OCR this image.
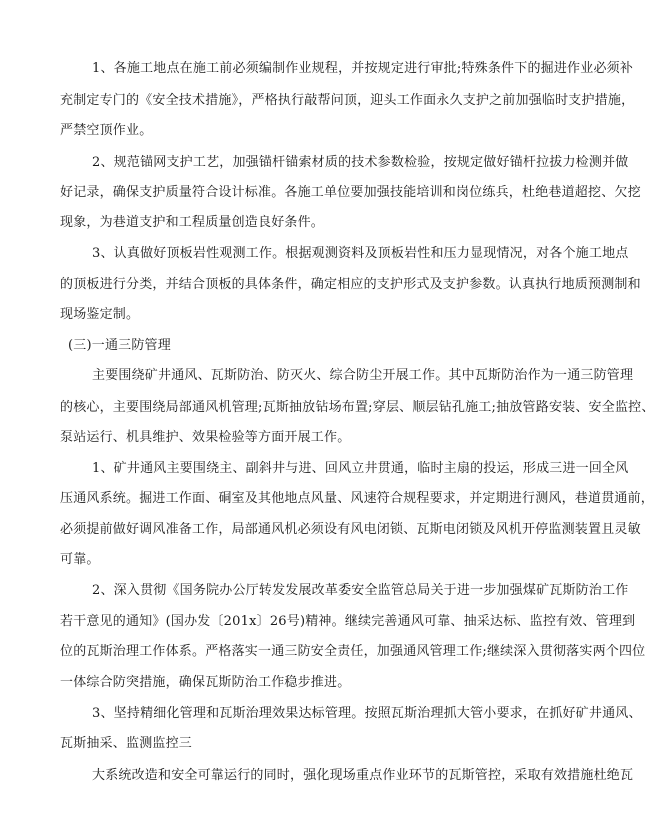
1、各施工地点在施工前必须编制作业规程，并按规定进行审批;特殊条件下的掘进作业必须补
充制定专门的《安全技术措施》，严格执行敲帮问顶，迎头工作面永久支护之前加强临时支护措施，
严禁空顶作业。
2、规范锚网支护工艺，加强锚杆锚索材质的技术参数检验，按规定做好锚杆拉拔力检测并做
好记录，确保支护质量符合设计标准。各施工单位要加强技能培训和岗位练兵，杜绝巷道超挖、欠挖
现象，为巷道支护和工程质量创造良好条件。
3、认真做好顶板岩性观测工作。根据观测资料及顶板岩性和压力显现情况，对各个施工地点
的顶板进行分类，并结合顶板的具体条件，确定相应的支护形式及支护参数。认真执行地质预测制和
现场鉴定制。
(三)一通三防管理
主要围绕矿井通风、瓦斯防治、防灭火、综合防尘开展工作。其中瓦斯防治作为一通三防管理
的核心，主要围绕局部通风机管理;瓦斯抽放钻场布置;穿层、顺层钻孔施工;抽放管路安装、安全监控、
泵站运行、机具维护、效果检验等方面开展工作。
1、矿井通风主要围绕主、副斜井与进、回风立井贯通，临时主扇的投运，形成三进一回全风
压通风系统。掘进工作面、硐室及其他地点风量、风速符合规程要求，并定期进行测风，巷道贯通前，
必须提前做好调风准备工作，局部通风机必须设有风电闭锁、瓦斯电闭锁及风机开停监测装置且灵敏
可靠。
2、深入贯彻《国务院办公厅转发发展改革委安全监管总局关于进一步加强煤矿瓦斯防治工作
若干意见的通知》(国办发〔201x〕26号)精神。继续完善通风可靠、抽采达标、监控有效、管理到
位的瓦斯治理工作体系。严格落实一通三防安全责任，加强通风管理工作;继续深入贯彻落实两个四位
一体综合防突措施，确保瓦斯防治工作稳步推进。
3、坚持精细化管理和瓦斯治理效果达标管理。按照瓦斯治理抓大管小要求，在抓好矿井通风、
瓦斯抽采、监测监控三
大系统改造和安全可靠运行的同时，强化现场重点作业环节的瓦斯管控，采取有效措施杜绝瓦
